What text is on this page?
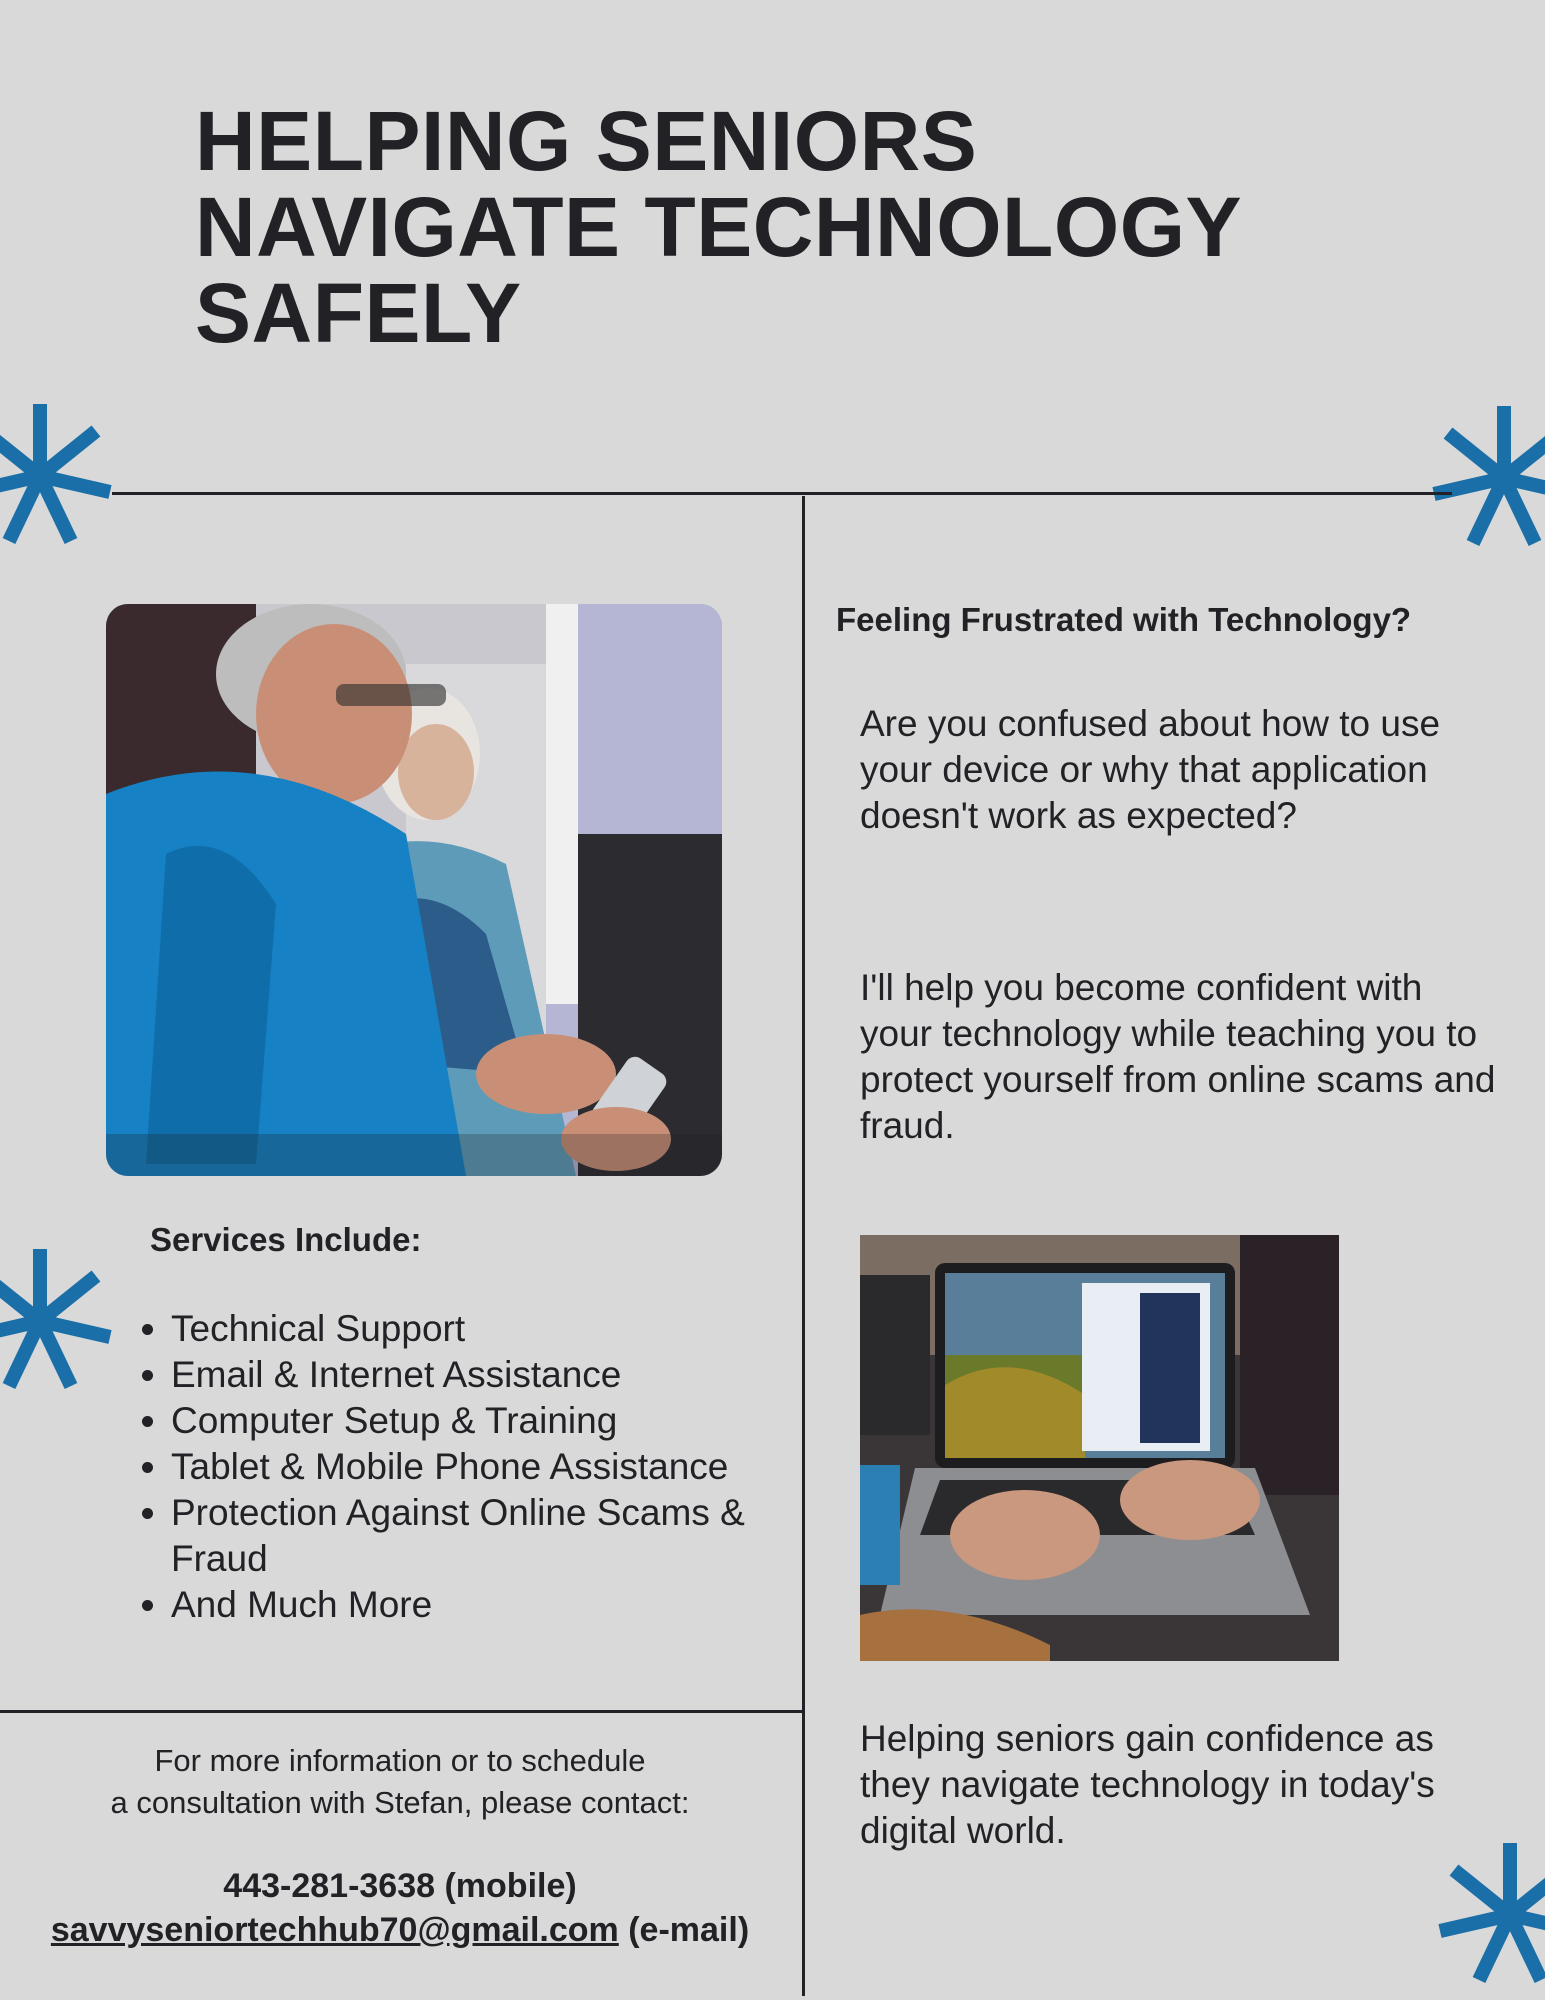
HELPING SENIORS
NAVIGATE TECHNOLOGY
SAFELY
Feeling Frustrated with Technology?
Are you confused about how to use your device or why that application doesn't work as expected?
I'll help you become confident with your technology while teaching you to protect yourself from online scams and fraud.
Helping seniors gain confidence as they navigate technology in today's digital world.
Services Include:
• Technical Support
• Email & Internet Assistance
• Computer Setup & Training
• Tablet & Mobile Phone Assistance
• Protection Against Online Scams & Fraud
• And Much More
For more information or to schedule
a consultation with Stefan, please contact:
443-281-3638 (mobile)
savvyseniortechhub70@gmail.com (e-mail)
